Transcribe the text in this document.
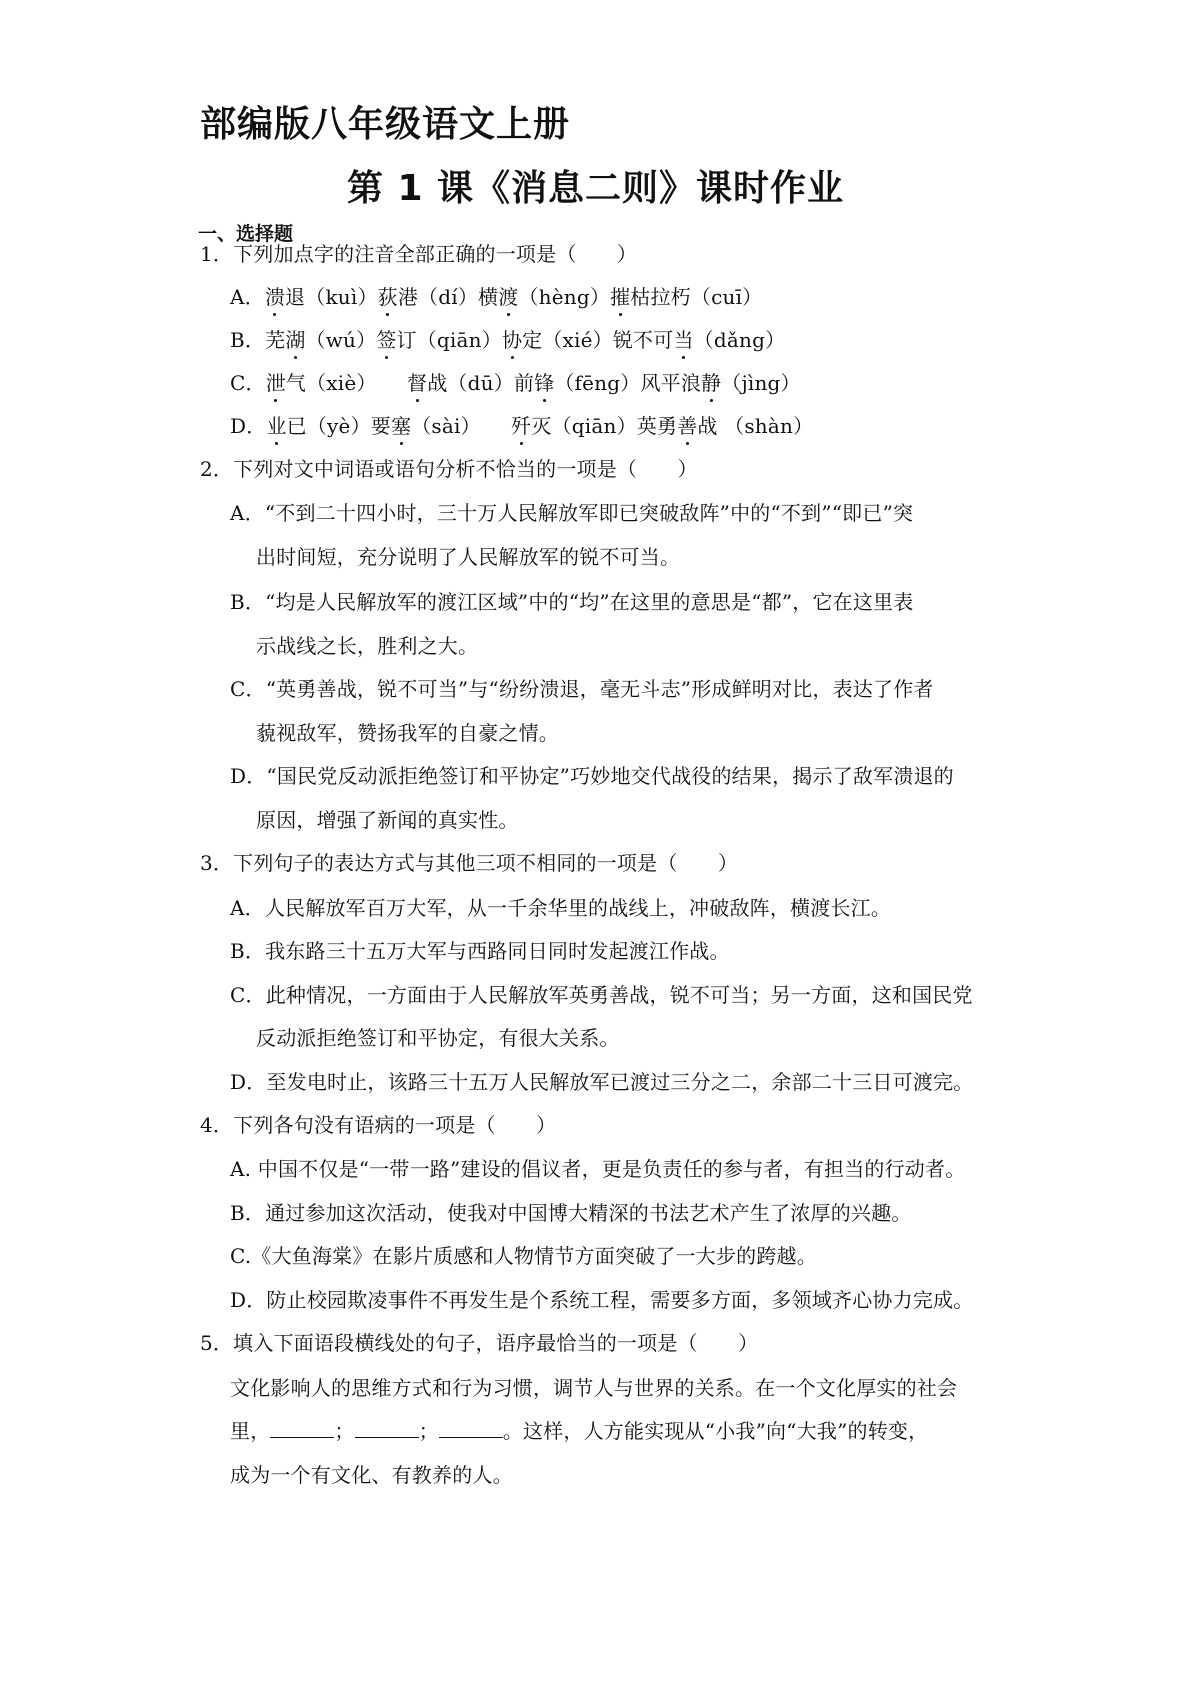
部编版八年级语文上册
第 1 课《消息二则》课时作业
一、选择题
1．下列加点字的注音全部正确的一项是（　　）
A．溃退（kuì）荻港（dí）横渡（hèng）摧枯拉朽（cuī）
B．芜湖（wú）签订（qiān）协定（xié）锐不可当（dǎng）
C．泄气（xiè）　　督战（dū）前锋（fēng）风平浪静（jìng）
D．业已（yè）要塞（sài）　　歼灭（qiān）英勇善战 （shàn）
2．下列对文中词语或语句分析不恰当的一项是（　　）
A．“不到二十四小时，三十万人民解放军即已突破敌阵”中的“不到”“即已”突
出时间短，充分说明了人民解放军的锐不可当。
B．“均是人民解放军的渡江区域”中的“均”在这里的意思是“都”，它在这里表
示战线之长，胜利之大。
C．“英勇善战，锐不可当”与“纷纷溃退，毫无斗志”形成鲜明对比，表达了作者
藐视敌军，赞扬我军的自豪之情。
D．“国民党反动派拒绝签订和平协定”巧妙地交代战役的结果，揭示了敌军溃退的
原因，增强了新闻的真实性。
3．下列句子的表达方式与其他三项不相同的一项是（　　）
A．人民解放军百万大军，从一千余华里的战线上，冲破敌阵，横渡长江。
B．我东路三十五万大军与西路同日同时发起渡江作战。
C．此种情况，一方面由于人民解放军英勇善战，锐不可当；另一方面，这和国民党
反动派拒绝签订和平协定，有很大关系。
D．至发电时止，该路三十五万人民解放军已渡过三分之二，余部二十三日可渡完。
4．下列各句没有语病的一项是（　　）
A. 中国不仅是“一带一路”建设的倡议者，更是负责任的参与者，有担当的行动者。
B．通过参加这次活动，使我对中国博大精深的书法艺术产生了浓厚的兴趣。
C.《大鱼海棠》在影片质感和人物情节方面突破了一大步的跨越。
D．防止校园欺凌事件不再发生是个系统工程，需要多方面，多领域齐心协力完成。
5．填入下面语段横线处的句子，语序最恰当的一项是（　　）
文化影响人的思维方式和行为习惯，调节人与世界的关系。在一个文化厚实的社会
里，	；	；	。这样，人方能实现从“小我”向“大我”的转变，
成为一个有文化、有教养的人。
